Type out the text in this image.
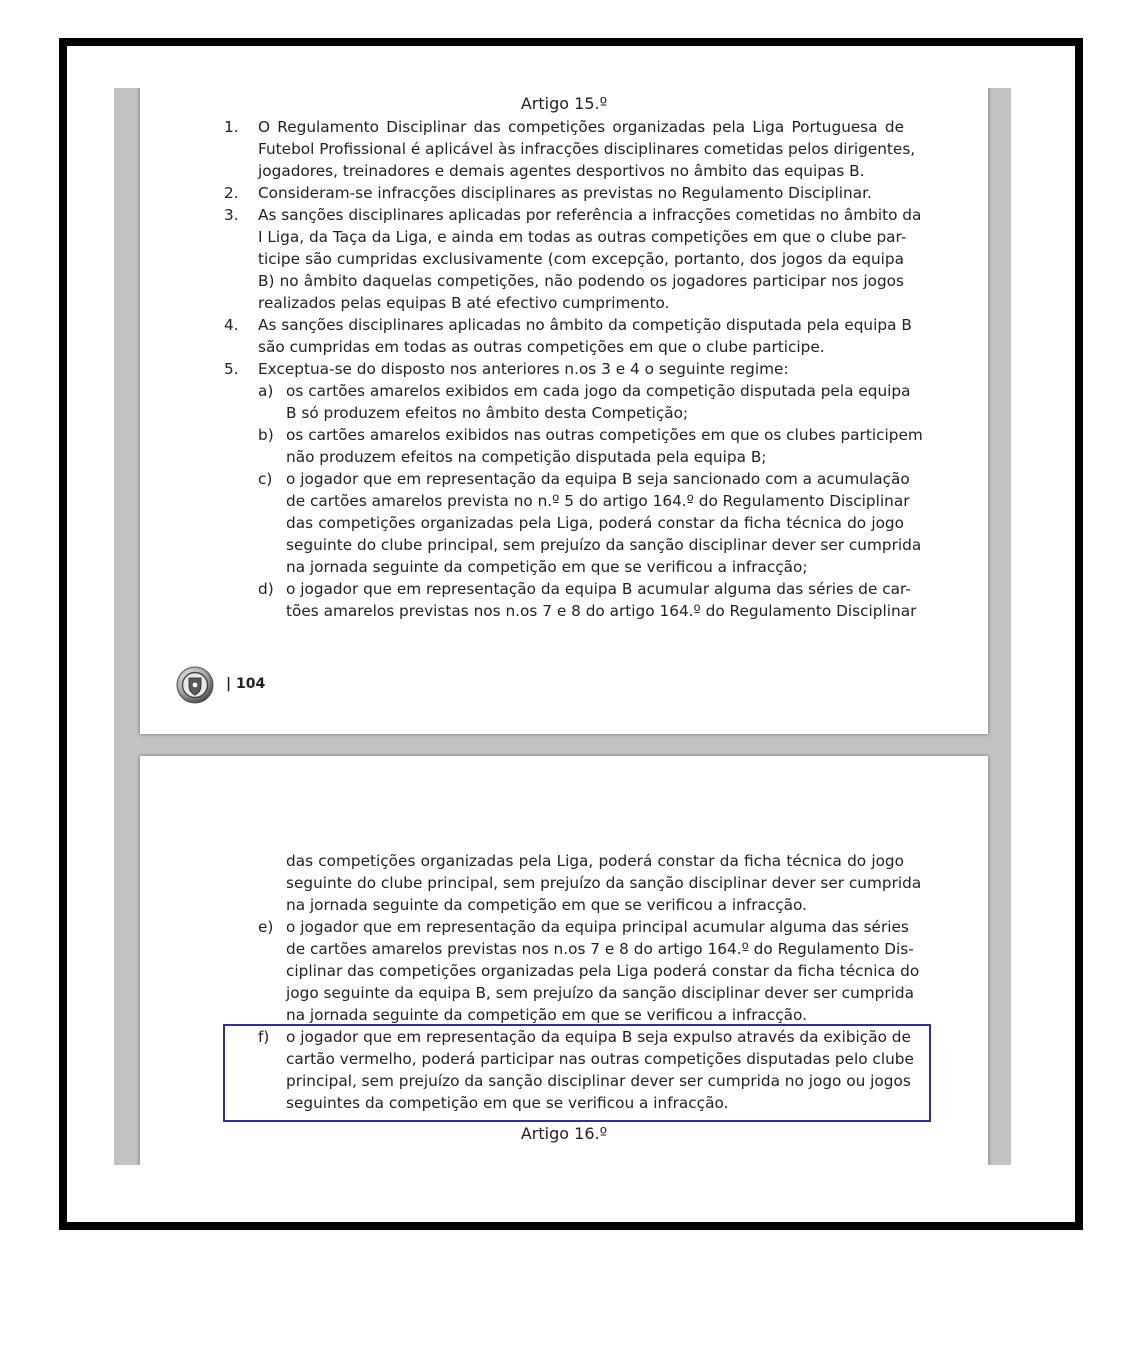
Artigo 15.º
1. O Regulamento Disciplinar das competições organizadas pela Liga Portuguesa de
Futebol Profissional é aplicável às infracções disciplinares cometidas pelos dirigentes,
jogadores, treinadores e demais agentes desportivos no âmbito das equipas B.
2. Consideram-se infracções disciplinares as previstas no Regulamento Disciplinar.
3. As sanções disciplinares aplicadas por referência a infracções cometidas no âmbito da
I Liga, da Taça da Liga, e ainda em todas as outras competições em que o clube par-
ticipe são cumpridas exclusivamente (com excepção, portanto, dos jogos da equipa
B) no âmbito daquelas competições, não podendo os jogadores participar nos jogos
realizados pelas equipas B até efectivo cumprimento.
4. As sanções disciplinares aplicadas no âmbito da competição disputada pela equipa B
são cumpridas em todas as outras competições em que o clube participe.
5. Exceptua-se do disposto nos anteriores n.os 3 e 4 o seguinte regime:
a) os cartões amarelos exibidos em cada jogo da competição disputada pela equipa
B só produzem efeitos no âmbito desta Competição;
b) os cartões amarelos exibidos nas outras competições em que os clubes participem
não produzem efeitos na competição disputada pela equipa B;
c) o jogador que em representação da equipa B seja sancionado com a acumulação
de cartões amarelos prevista no n.º 5 do artigo 164.º do Regulamento Disciplinar
das competições organizadas pela Liga, poderá constar da ficha técnica do jogo
seguinte do clube principal, sem prejuízo da sanção disciplinar dever ser cumprida
na jornada seguinte da competição em que se verificou a infracção;
d) o jogador que em representação da equipa B acumular alguma das séries de car-
tões amarelos previstas nos n.os 7 e 8 do artigo 164.º do Regulamento Disciplinar
| 104
das competições organizadas pela Liga, poderá constar da ficha técnica do jogo
seguinte do clube principal, sem prejuízo da sanção disciplinar dever ser cumprida
na jornada seguinte da competição em que se verificou a infracção.
e) o jogador que em representação da equipa principal acumular alguma das séries
de cartões amarelos previstas nos n.os 7 e 8 do artigo 164.º do Regulamento Dis-
ciplinar das competições organizadas pela Liga poderá constar da ficha técnica do
jogo seguinte da equipa B, sem prejuízo da sanção disciplinar dever ser cumprida
na jornada seguinte da competição em que se verificou a infracção.
f) o jogador que em representação da equipa B seja expulso através da exibição de
cartão vermelho, poderá participar nas outras competições disputadas pelo clube
principal, sem prejuízo da sanção disciplinar dever ser cumprida no jogo ou jogos
seguintes da competição em que se verificou a infracção.
Artigo 16.º
